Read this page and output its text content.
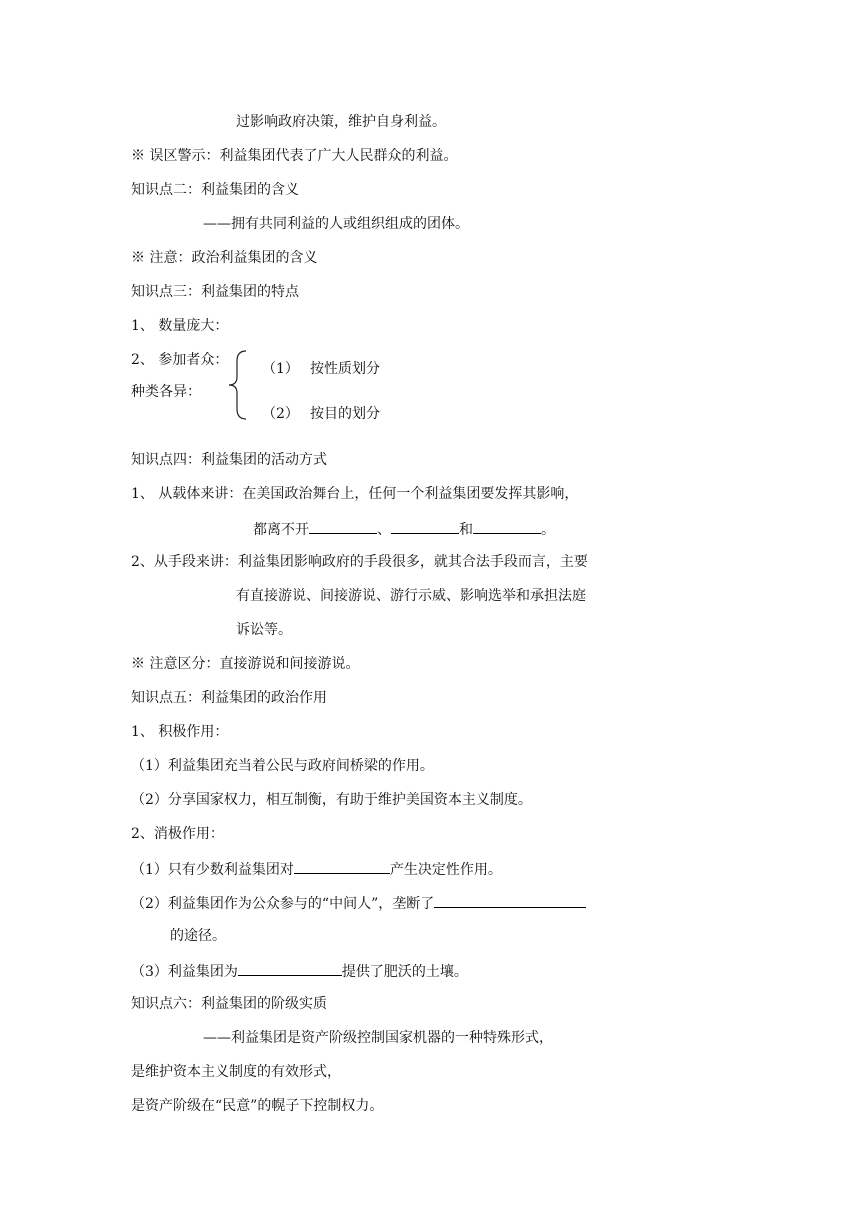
过影响政府决策，维护自身利益。
※ 误区警示：利益集团代表了广大人民群众的利益。
知识点二：利益集团的含义
——拥有共同利益的人或组织组成的团体。
※ 注意：政治利益集团的含义
知识点三：利益集团的特点
1、 数量庞大：
2、 参加者众：
种类各异：
（1） 按性质划分
（2） 按目的划分
知识点四：利益集团的活动方式
1、 从载体来讲：在美国政治舞台上，任何一个利益集团要发挥其影响，
都离不开	、	和	。
2、从手段来讲：利益集团影响政府的手段很多，就其合法手段而言，主要
有直接游说、间接游说、游行示威、影响选举和承担法庭
诉讼等。
※ 注意区分：直接游说和间接游说。
知识点五：利益集团的政治作用
1、 积极作用：
（1）利益集团充当着公民与政府间桥梁的作用。
（2）分享国家权力，相互制衡，有助于维护美国资本主义制度。
2、消极作用：
（1）只有少数利益集团对	产生决定性作用。
（2）利益集团作为公众参与的“中间人”，垄断了
的途径。
（3）利益集团为	提供了肥沃的土壤。
知识点六：利益集团的阶级实质
——利益集团是资产阶级控制国家机器的一种特殊形式，
是维护资本主义制度的有效形式，
是资产阶级在“民意”的幌子下控制权力。
